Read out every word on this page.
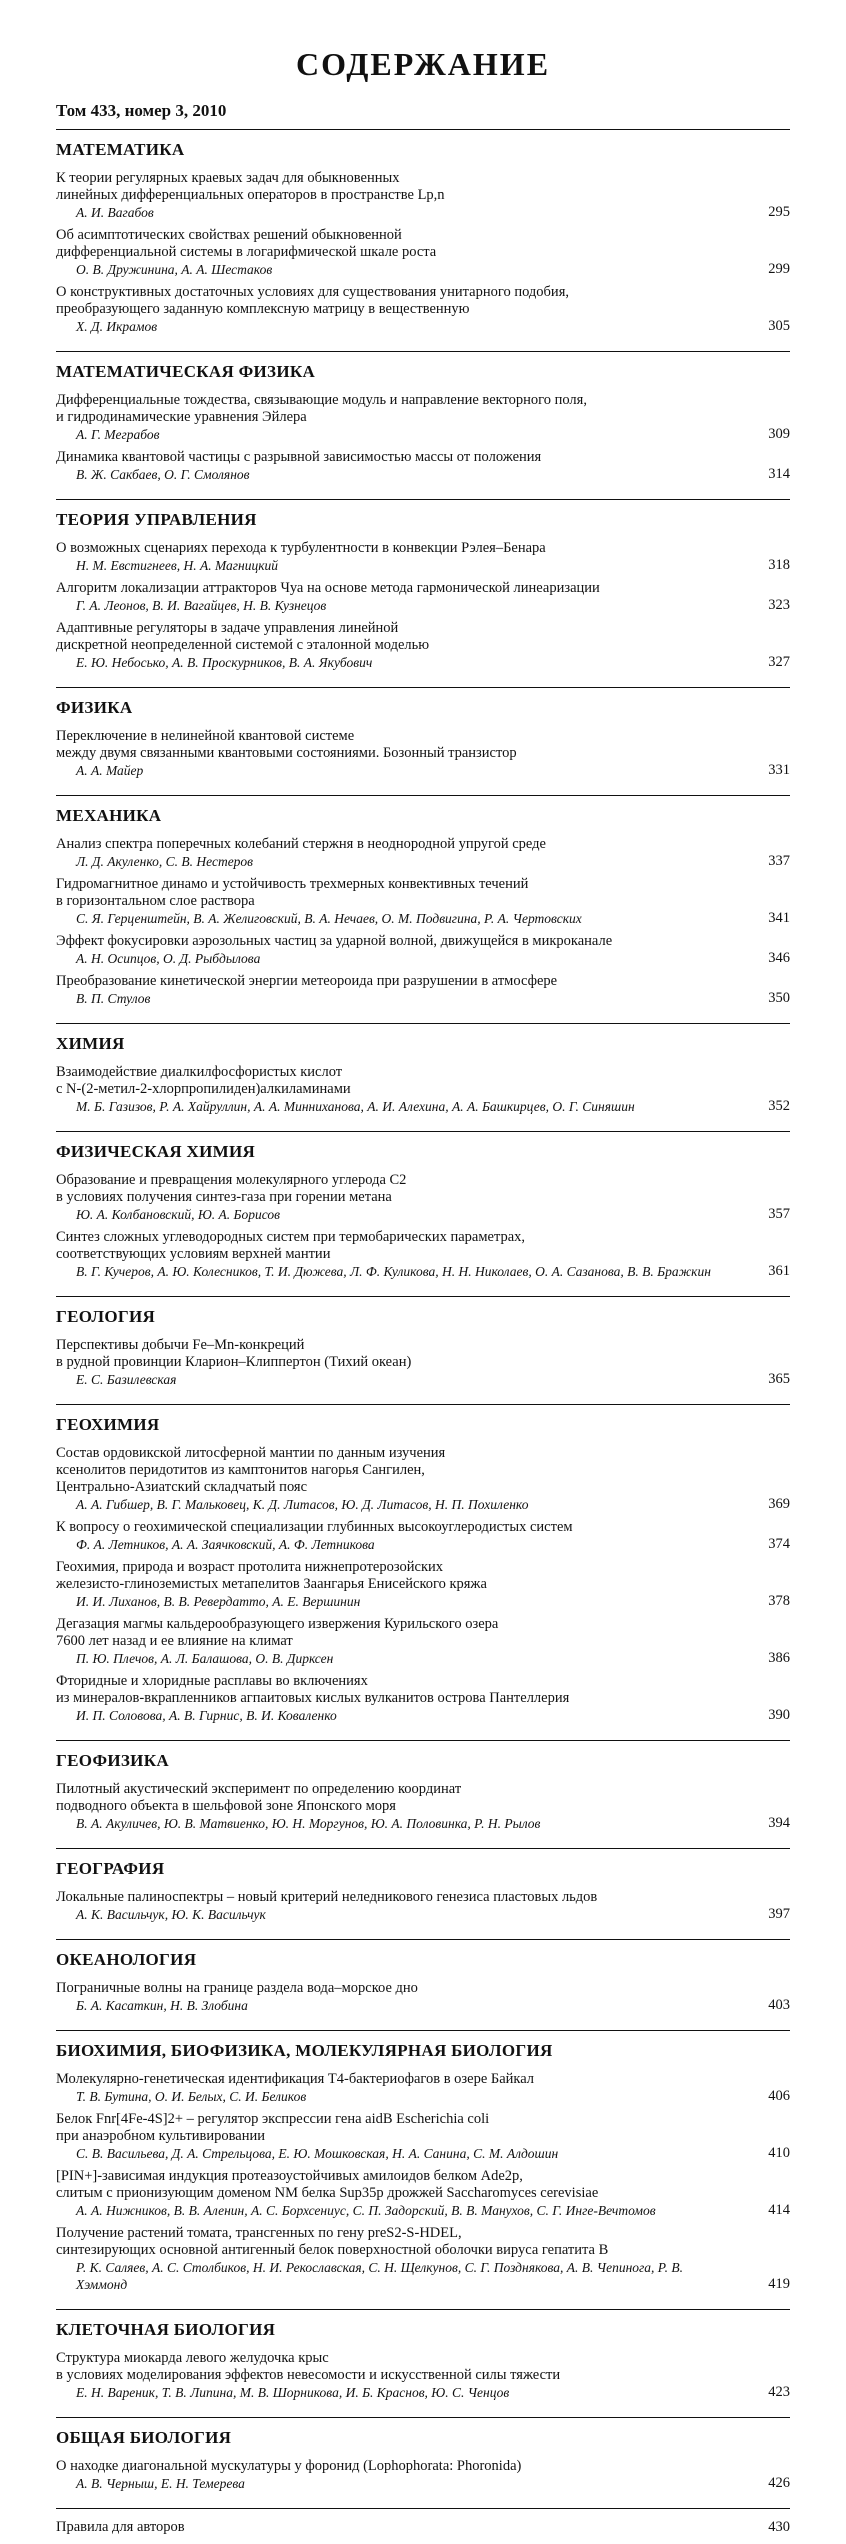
СОДЕРЖАНИЕ
Том 433, номер 3, 2010
МАТЕМАТИКА
К теории регулярных краевых задач для обыкновенных
линейных дифференциальных операторов в пространстве Lp,n
А. И. Вагабов	295
Об асимптотических свойствах решений обыкновенной
дифференциальной системы в логарифмической шкале роста
О. В. Дружинина, А. А. Шестаков	299
О конструктивных достаточных условиях для существования унитарного подобия,
преобразующего заданную комплексную матрицу в вещественную
Х. Д. Икрамов	305
МАТЕМАТИЧЕСКАЯ ФИЗИКА
Дифференциальные тождества, связывающие модуль и направление векторного поля,
и гидродинамические уравнения Эйлера
А. Г. Меграбов	309
Динамика квантовой частицы с разрывной зависимостью массы от положения
В. Ж. Сакбаев, О. Г. Смолянов	314
ТЕОРИЯ УПРАВЛЕНИЯ
О возможных сценариях перехода к турбулентности в конвекции Рэлея–Бенара
Н. М. Евстигнеев, Н. А. Магницкий	318
Алгоритм локализации аттракторов Чуа на основе метода гармонической линеаризации
Г. А. Леонов, В. И. Вагайцев, Н. В. Кузнецов	323
Адаптивные регуляторы в задаче управления линейной
дискретной неопределенной системой с эталонной моделью
Е. Ю. Небосько, А. В. Проскурников, В. А. Якубович	327
ФИЗИКА
Переключение в нелинейной квантовой системе
между двумя связанными квантовыми состояниями. Бозонный транзистор
А. А. Майер	331
МЕХАНИКА
Анализ спектра поперечных колебаний стержня в неоднородной упругой среде
Л. Д. Акуленко, С. В. Нестеров	337
Гидромагнитное динамо и устойчивость трехмерных конвективных течений
в горизонтальном слое раствора
С. Я. Герценштейн, В. А. Желиговский, В. А. Нечаев, О. М. Подвигина, Р. А. Чертовских	341
Эффект фокусировки аэрозольных частиц за ударной волной, движущейся в микроканале
А. Н. Осипцов, О. Д. Рыбдылова	346
Преобразование кинетической энергии метеороида при разрушении в атмосфере
В. П. Стулов	350
ХИМИЯ
Взаимодействие диалкилфосфористых кислот
с N-(2-метил-2-хлорпропилиден)алкиламинами
М. Б. Газизов, Р. А. Хайруллин, А. А. Минниханова, А. И. Алехина, А. А. Башкирцев, О. Г. Синяшин	352
ФИЗИЧЕСКАЯ ХИМИЯ
Образование и превращения молекулярного углерода C2
в условиях получения синтез-газа при горении метана
Ю. А. Колбановский, Ю. А. Борисов	357
Синтез сложных углеводородных систем при термобарических параметрах,
соответствующих условиям верхней мантии
В. Г. Кучеров, А. Ю. Колесников, Т. И. Дюжева, Л. Ф. Куликова, Н. Н. Николаев, О. А. Сазанова, В. В. Бражкин	361
ГЕОЛОГИЯ
Перспективы добычи Fe–Mn-конкреций
в рудной провинции Кларион–Клиппертон (Тихий океан)
Е. С. Базилевская	365
ГЕОХИМИЯ
Состав ордовикской литосферной мантии по данным изучения
ксенолитов перидотитов из камптонитов нагорья Сангилен,
Центрально-Азиатский складчатый пояс
А. А. Гибшер, В. Г. Мальковец, К. Д. Литасов, Ю. Д. Литасов, Н. П. Похиленко	369
К вопросу о геохимической специализации глубинных высокоуглеродистых систем
Ф. А. Летников, А. А. Заячковский, А. Ф. Летникова	374
Геохимия, природа и возраст протолита нижнепротерозойских
железисто-глиноземистых метапелитов Заангарья Енисейского кряжа
И. И. Лиханов, В. В. Ревердатто, А. Е. Вершинин	378
Дегазация магмы кальдерообразующего извержения Курильского озера
7600 лет назад и ее влияние на климат
П. Ю. Плечов, А. Л. Балашова, О. В. Дирксен	386
Фторидные и хлоридные расплавы во включениях
из минералов-вкрапленников агпаитовых кислых вулканитов острова Пантеллерия
И. П. Соловова, А. В. Гирнис, В. И. Коваленко	390
ГЕОФИЗИКА
Пилотный акустический эксперимент по определению координат
подводного объекта в шельфовой зоне Японского моря
В. А. Акуличев, Ю. В. Матвиенко, Ю. Н. Моргунов, Ю. А. Половинка, Р. Н. Рылов	394
ГЕОГРАФИЯ
Локальные палиноспектры – новый критерий неледникового генезиса пластовых льдов
А. К. Васильчук, Ю. К. Васильчук	397
ОКЕАНОЛОГИЯ
Пограничные волны на границе раздела вода–морское дно
Б. А. Касаткин, Н. В. Злобина	403
БИОХИМИЯ, БИОФИЗИКА, МОЛЕКУЛЯРНАЯ БИОЛОГИЯ
Молекулярно-генетическая идентификация Т4-бактериофагов в озере Байкал
Т. В. Бутина, О. И. Белых, С. И. Беликов	406
Белок Fnr[4Fe-4S]2+ – регулятор экспрессии гена aidB Escherichia coli
при анаэробном культивировании
С. В. Васильева, Д. А. Стрельцова, Е. Ю. Мошковская, Н. А. Санина, С. М. Алдошин	410
[PIN+]-зависимая индукция протеазоустойчивых амилоидов белком Ade2p,
слитым с прионизующим доменом NM белка Sup35p дрожжей Saccharomyces cerevisiae
А. А. Нижников, В. В. Аленин, А. С. Борхсениус, С. П. Задорский, В. В. Манухов, С. Г. Инге-Вечтомов	414
Получение растений томата, трансгенных по гену preS2-S-HDEL,
синтезирующих основной антигенный белок поверхностной оболочки вируса гепатита В
Р. К. Саляев, А. С. Столбиков, Н. И. Рекославская, С. Н. Щелкунов, С. Г. Позднякова, А. В. Чепинога, Р. В. Хэммонд	419
КЛЕТОЧНАЯ БИОЛОГИЯ
Структура миокарда левого желудочка крыс
в условиях моделирования эффектов невесомости и искусственной силы тяжести
Е. Н. Вареник, Т. В. Липина, М. В. Шорникова, И. Б. Краснов, Ю. С. Ченцов	423
ОБЩАЯ БИОЛОГИЯ
О находке диагональной мускулатуры у форонид (Lophophorata: Phoronida)
А. В. Черныш, Е. Н. Темерева	426
Правила для авторов	430
